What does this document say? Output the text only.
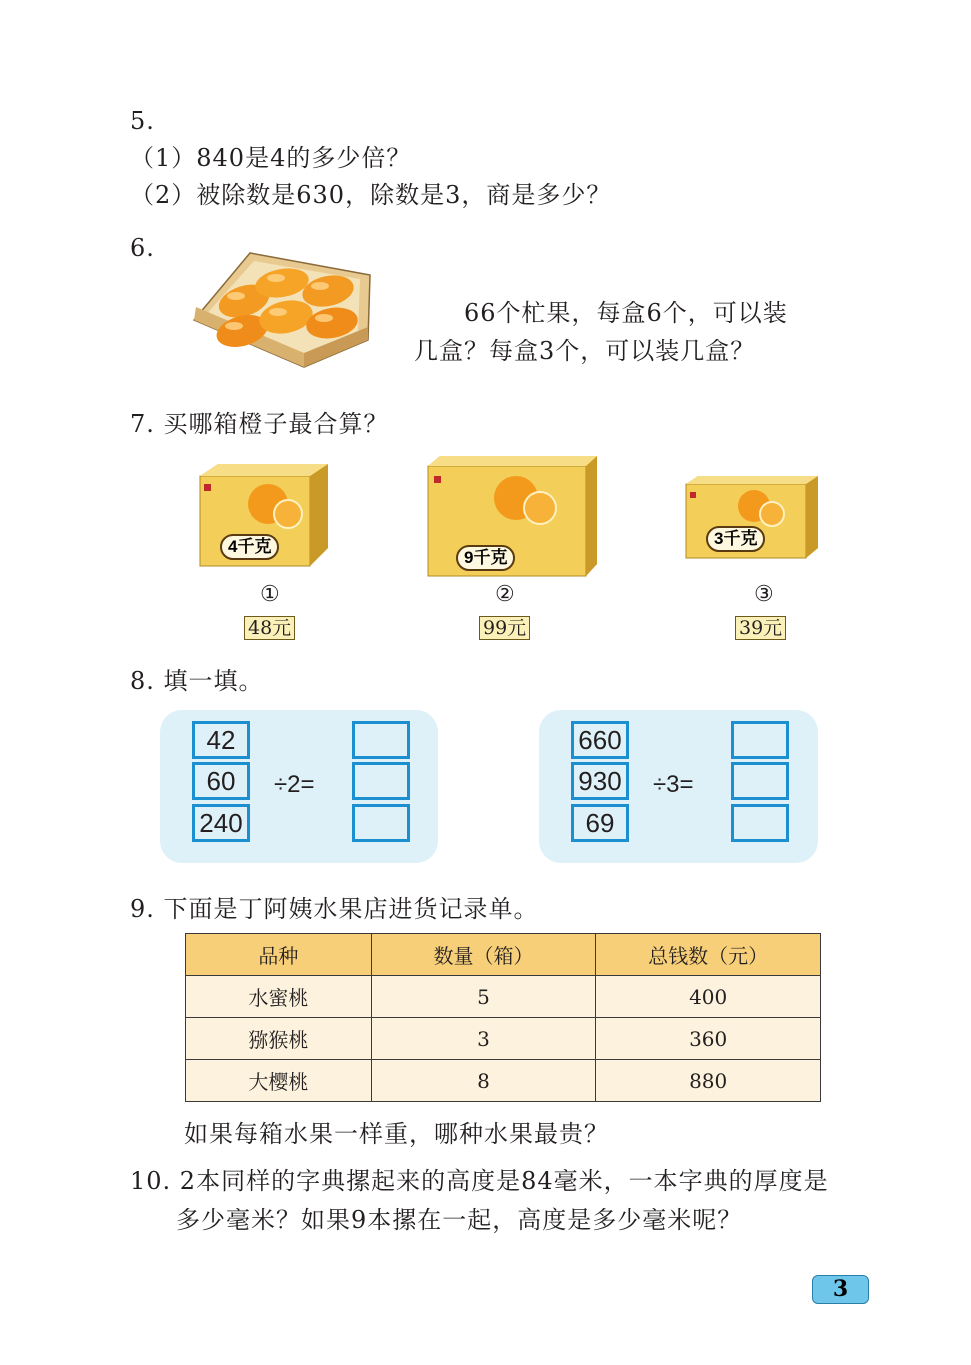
5.
（1）840是4的多少倍？
（2）被除数是630，除数是3，商是多少？
6.
66个杧果，每盒6个，可以装
几盒？每盒3个，可以装几盒？
7. 买哪箱橙子最合算？
4千克
①
48元
9千克
②
99元
3千克
③
39元
8. 填一填。
42
60
240
÷2=
660
930
69
÷3=
9. 下面是丁阿姨水果店进货记录单。
品种	数量（箱）	总钱数（元）
水蜜桃	5	400
猕猴桃	3	360
大樱桃	8	880
如果每箱水果一样重，哪种水果最贵？
10. 2本同样的字典摞起来的高度是84毫米，一本字典的厚度是
多少毫米？如果9本摞在一起，高度是多少毫米呢？
3
